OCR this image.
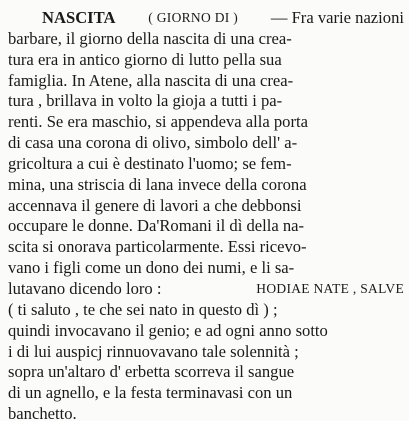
NASCITA ( GIORNO DI ) — Fra varie nazioni
barbare, il giorno della nascita di una crea-
tura era in antico giorno di lutto pella sua
famiglia. In Atene, alla nascita di una crea-
tura , brillava in volto la gioja a tutti i pa-
renti. Se era maschio, si appendeva alla porta
di casa una corona di olivo, simbolo dell' a-
gricoltura a cui è destinato l'uomo; se fem-
mina, una striscia di lana invece della corona
accennava il genere di lavori a che debbonsi
occupare le donne. Da'Romani il dì della na-
scita si onorava particolarmente. Essi ricevo-
vano i figli come un dono dei numi, e li sa-
lutavano dicendo loro :	HODIAE NATE , SALVE
( ti saluto , te che sei nato in questo dì ) ;
quindi invocavano il genio; e ad ogni anno sotto
i di lui auspicj rinnuovavano tale solennità ;
sopra un'altaro d' erbetta scorreva il sangue
di un agnello, e la festa terminavasi con un
banchetto.
